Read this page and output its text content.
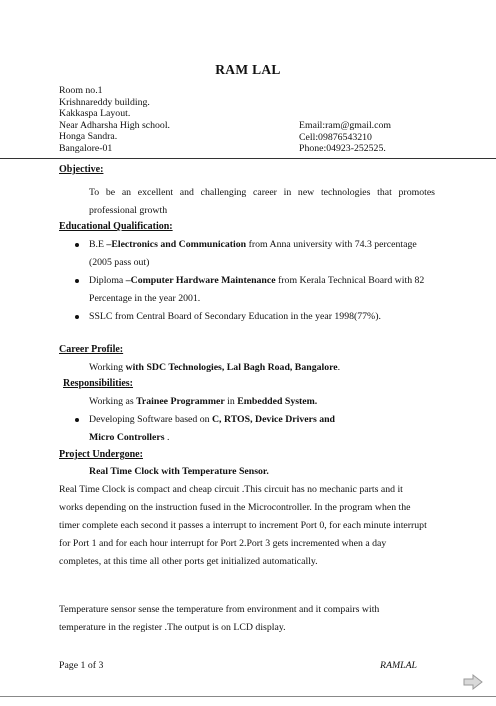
RAM LAL
Room no.1
Krishnareddy building.
Kakkaspa Layout.
Near Adharsha High school.
Honga Sandra.
Bangalore-01
Email:ram@gmail.com
Cell:09876543210
Phone:04923-252525.
Objective:
To be an excellent and challenging career in new technologies that promotes
professional growth
Educational Qualification:
B.E –Electronics and Communication from Anna university with 74.3 percentage
(2005 pass out)
Diploma –Computer Hardware Maintenance from Kerala Technical Board with 82
Percentage in the year 2001.
SSLC from Central Board of Secondary Education in the year 1998(77%).
Career Profile:
Working with SDC Technologies, Lal Bagh Road, Bangalore.
Responsibilities:
Working as Trainee Programmer in Embedded System.
Developing Software based on C, RTOS, Device Drivers and
Micro Controllers .
Project Undergone:
Real Time Clock with Temperature Sensor.
Real Time Clock is compact and cheap circuit .This circuit has no mechanic parts and it
works depending on the instruction fused in the Microcontroller. In the program when the
timer complete each second it passes a interrupt to increment Port 0, for each minute interrupt
for Port 1 and for each hour interrupt for Port 2.Port 3 gets incremented when a day
completes, at this time all other ports get initialized automatically.
Temperature sensor sense the temperature from environment and it compairs with
temperature in the register .The output is on LCD display.
Page 1 of 3	RAMLAL
